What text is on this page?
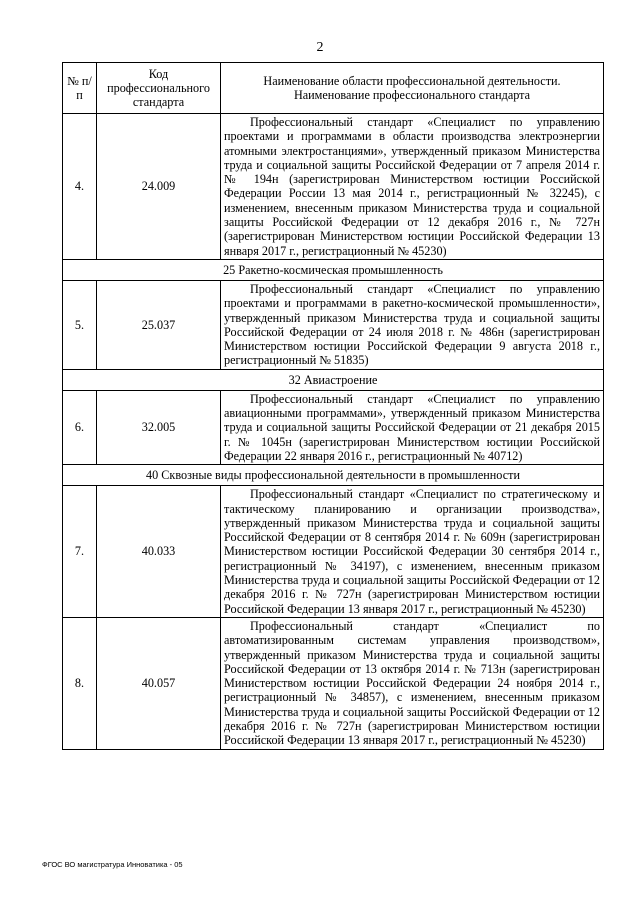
2
№ п/п	Код профессионального стандарта	Наименование области профессиональной деятельности. Наименование профессионального стандарта
4.	24.009	Профессиональный стандарт «Специалист по управлению проектами и программами в области производства электроэнергии атомными электростанциями», утвержденный приказом Министерства труда и социальной защиты Российской Федерации от 7 апреля 2014 г. № 194н (зарегистрирован Министерством юстиции Российской Федерации России 13 мая 2014 г., регистрационный № 32245), с изменением, внесенным приказом Министерства труда и социальной защиты Российской Федерации от 12 декабря 2016 г., № 727н (зарегистрирован Министерством юстиции Российской Федерации 13 января 2017 г., регистрационный № 45230)
25 Ракетно-космическая промышленность		
5.	25.037	Профессиональный стандарт «Специалист по управлению проектами и программами в ракетно-космической промышленности», утвержденный приказом Министерства труда и социальной защиты Российской Федерации от 24 июля 2018 г. № 486н (зарегистрирован Министерством юстиции Российской Федерации 9 августа 2018 г., регистрационный № 51835)
32 Авиастроение		
6.	32.005	Профессиональный стандарт «Специалист по управлению авиационными программами», утвержденный приказом Министерства труда и социальной защиты Российской Федерации от 21 декабря 2015 г. № 1045н (зарегистрирован Министерством юстиции Российской Федерации 22 января 2016 г., регистрационный № 40712)
40 Сквозные виды профессиональной деятельности в промышленности		
7.	40.033	Профессиональный стандарт «Специалист по стратегическому и тактическому планированию и организации производства», утвержденный приказом Министерства труда и социальной защиты Российской Федерации от 8 сентября 2014 г. № 609н (зарегистрирован Министерством юстиции Российской Федерации 30 сентября 2014 г., регистрационный № 34197), с изменением, внесенным приказом Министерства труда и социальной защиты Российской Федерации от 12 декабря 2016 г. № 727н (зарегистрирован Министерством юстиции Российской Федерации 13 января 2017 г., регистрационный № 45230)
8.	40.057	Профессиональный стандарт «Специалист по автоматизированным системам управления производством», утвержденный приказом Министерства труда и социальной защиты Российской Федерации от 13 октября 2014 г. № 713н (зарегистрирован Министерством юстиции Российской Федерации 24 ноября 2014 г., регистрационный № 34857), с изменением, внесенным приказом Министерства труда и социальной защиты Российской Федерации от 12 декабря 2016 г. № 727н (зарегистрирован Министерством юстиции Российской Федерации 13 января 2017 г., регистрационный № 45230)
ФГОС ВО магистратура Инноватика - 05
